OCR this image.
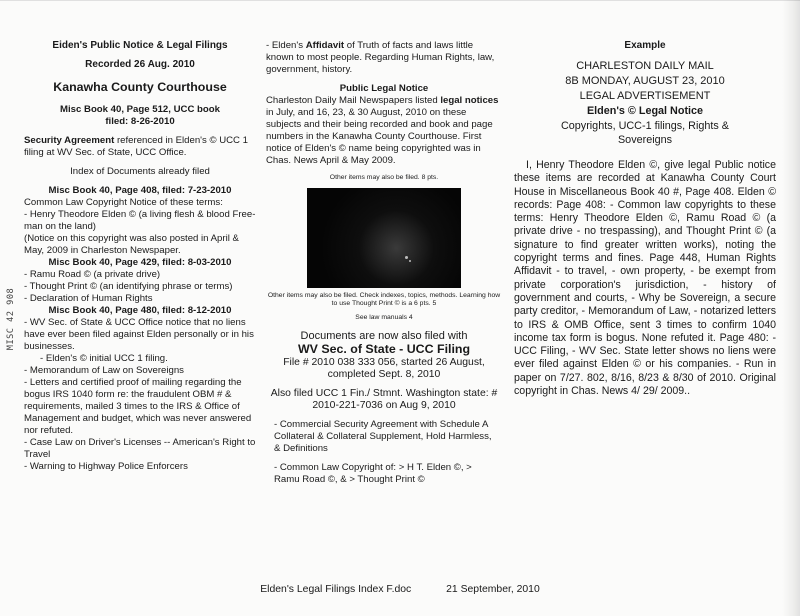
MISC 42 908
Eiden's Public Notice & Legal Filings
Recorded 26 Aug. 2010
Kanawha County Courthouse
Misc Book 40, Page 512, UCC book
filed: 8-26-2010
Security Agreement referenced in Elden's © UCC 1 filing at WV Sec. of State, UCC Office.
Index of Documents already filed
Misc Book 40, Page 408, filed: 7-23-2010
Common Law Copyright Notice of these terms:
- Henry Theodore Elden © (a living flesh & blood Free-man on the land)
(Notice on this copyright was also posted in April & May, 2009 in Charleston Newspaper.
Misc Book 40, Page 429, filed: 8-03-2010
- Ramu Road © (a private drive)
- Thought Print © (an identifying phrase or terms)
- Declaration of Human Rights
Misc Book 40, Page 480, filed: 8-12-2010
- WV Sec. of State & UCC Office notice that no liens have ever been filed against Elden personally or in his businesses.
- Elden's © initial UCC 1 filing.
- Memorandum of Law on Sovereigns
- Letters and certified proof of mailing regarding the bogus IRS 1040 form re: the fraudulent OBM # & requirements, mailed 3 times to the IRS & Office of Management and budget, which was never answered nor refuted.
- Case Law on Driver's Licenses -- American's Right to Travel
- Warning to Highway Police Enforcers
- Elden's Affidavit of Truth of facts and laws little known to most people. Regarding Human Rights, law, government, history.
Public Legal Notice
Charleston Daily Mail Newspapers listed legal notices in July, and 16, 23, & 30 August, 2010 on these subjects and their being recorded and book and page numbers in the Kanawha County Courthouse. First notice of Elden's © name being copyrighted was in Chas. News April & May 2009.
Other items may also be filed. 8 pts.
Other items may also be filed. Check indexes, topics, methods. Learning how to use Thought Print © is a 6 pts. 5
See law manuals 4
Documents are now also filed with
WV Sec. of State - UCC Filing
File # 2010 038 333 056, started 26 August, completed Sept. 8, 2010
Also filed UCC 1 Fin./ Stmnt. Washington state: # 2010-221-7036 on Aug 9, 2010
- Commercial Security Agreement with Schedule A Collateral & Collateral Supplement, Hold Harmless, & Definitions
- Common Law Copyright of: > H T. Elden ©, > Ramu Road ©, & > Thought Print ©
Example
CHARLESTON DAILY MAIL
8B MONDAY, AUGUST 23, 2010
LEGAL ADVERTISEMENT
Elden's © Legal Notice
Copyrights, UCC-1 filings, Rights & Sovereigns
I, Henry Theodore Elden ©, give legal Public notice these items are recorded at Kanawha County Court House in Miscellaneous Book 40 #, Page 408. Elden © records: Page 408: - Common law copyrights to these terms: Henry Theodore Elden ©, Ramu Road © (a private drive - no trespassing), and Thought Print © (a signature to find greater written works), noting the copyright terms and fines. Page 448, Human Rights Affidavit - to travel, - own property, - be exempt from private corporation's jurisdiction, - history of government and courts, - Why be Sovereign, a secure party creditor, - Memorandum of Law, - notarized letters to IRS & OMB Office, sent 3 times to confirm 1040 income tax form is bogus. None refuted it. Page 480: - UCC Filing, - WV Sec. State letter shows no liens were ever filed against Elden © or his companies. - Run in paper on 7/27. 802, 8/16, 8/23 & 8/30 of 2010. Original copyright in Chas. News 4/ 29/ 2009..
Elden's Legal Filings Index F.doc	21 September, 2010
